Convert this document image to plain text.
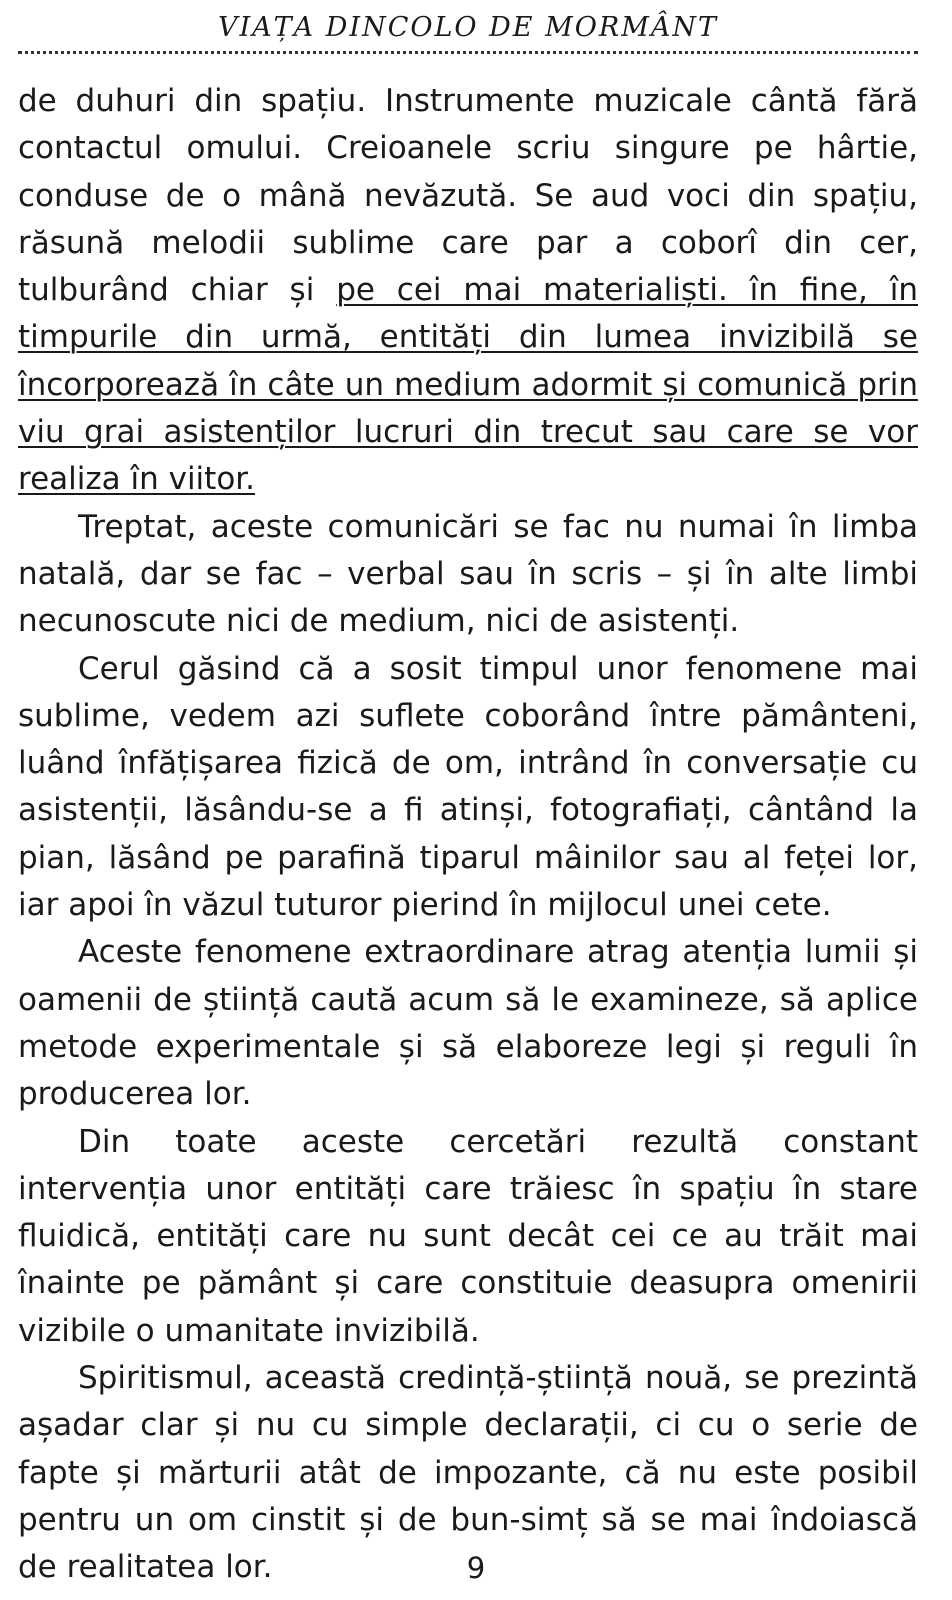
VIAȚA DINCOLO DE MORMÂNT

de duhuri din spațiu. Instrumente muzicale cântă fără contactul omului. Creioanele scriu singure pe hârtie, conduse de o mână nevăzută. Se aud voci din spațiu, răsună melodii sublime care par a coborî din cer, tulburând chiar și pe cei mai materialiști. în fine, în timpurile din urmă, entități din lumea invizibilă se încorporează în câte un medium adormit și comunică prin viu grai asistenților lucruri din trecut sau care se vor realiza în viitor.

Treptat, aceste comunicări se fac nu numai în limba natală, dar se fac – verbal sau în scris – și în alte limbi necunoscute nici de medium, nici de asistenți.

Cerul găsind că a sosit timpul unor fenomene mai sublime, vedem azi suflete coborând între pământeni, luând înfățișarea fizică de om, intrând în conversație cu asistenții, lăsându-se a fi atinși, fotografiați, cântând la pian, lăsând pe parafină tiparul mâinilor sau al feței lor, iar apoi în văzul tuturor pierind în mijlocul unei cete.

Aceste fenomene extraordinare atrag atenția lumii și oamenii de știință caută acum să le examineze, să aplice metode experimentale și să elaboreze legi și reguli în producerea lor.

Din toate aceste cercetări rezultă constant intervenția unor entități care trăiesc în spațiu în stare fluidică, entități care nu sunt decât cei ce au trăit mai înainte pe pământ și care constituie deasupra omenirii vizibile o umanitate invizibilă.

Spiritismul, această credință-știință nouă, se prezintă așadar clar și nu cu simple declarații, ci cu o serie de fapte și mărturii atât de impozante, că nu este posibil pentru un om cinstit și de bun-simț să se mai îndoiască de realitatea lor.	9
